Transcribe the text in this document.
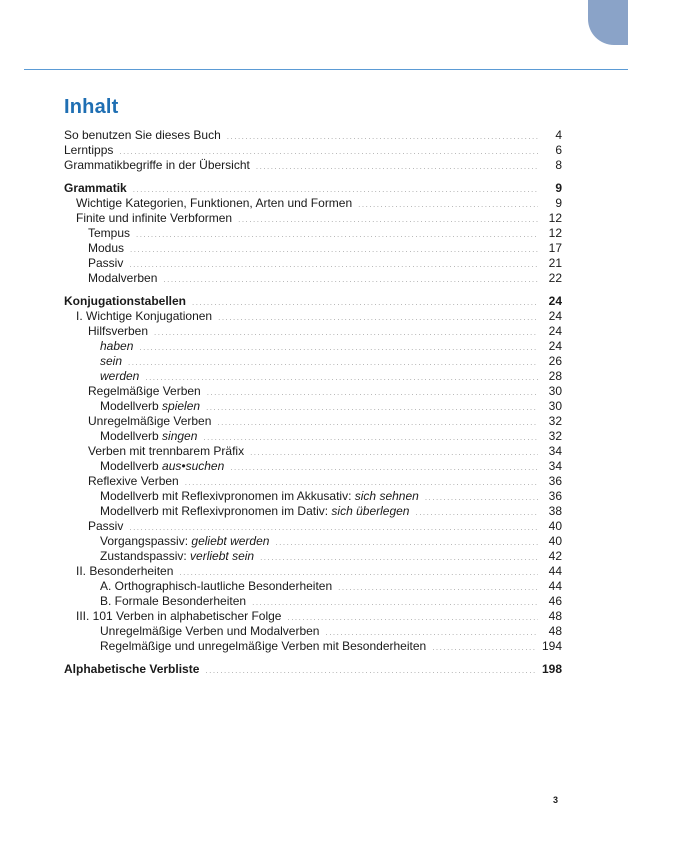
Inhalt
So benutzen Sie dieses Buch .....	4
Lerntipps .....	6
Grammatikbegriffe in der Übersicht .....	8
Grammatik .....	9
Wichtige Kategorien, Funktionen, Arten und Formen .....	9
Finite und infinite Verbformen .....	12
Tempus .....	12
Modus .....	17
Passiv .....	21
Modalverben .....	22
Konjugationstabellen .....	24
I. Wichtige Konjugationen .....	24
Hilfsverben .....	24
haben .....	24
sein .....	26
werden .....	28
Regelmäßige Verben .....	30
Modellverb spielen .....	30
Unregelmäßige Verben .....	32
Modellverb singen .....	32
Verben mit trennbarem Präfix .....	34
Modellverb aus•suchen .....	34
Reflexive Verben .....	36
Modellverb mit Reflexivpronomen im Akkusativ: sich sehnen .....	36
Modellverb mit Reflexivpronomen im Dativ: sich überlegen .....	38
Passiv .....	40
Vorgangspassiv: geliebt werden .....	40
Zustandspassiv: verliebt sein .....	42
II. Besonderheiten .....	44
A. Orthographisch-lautliche Besonderheiten .....	44
B. Formale Besonderheiten .....	46
III. 101 Verben in alphabetischer Folge .....	48
Unregelmäßige Verben und Modalverben .....	48
Regelmäßige und unregelmäßige Verben mit Besonderheiten .....	194
Alphabetische Verbliste .....	198
3
